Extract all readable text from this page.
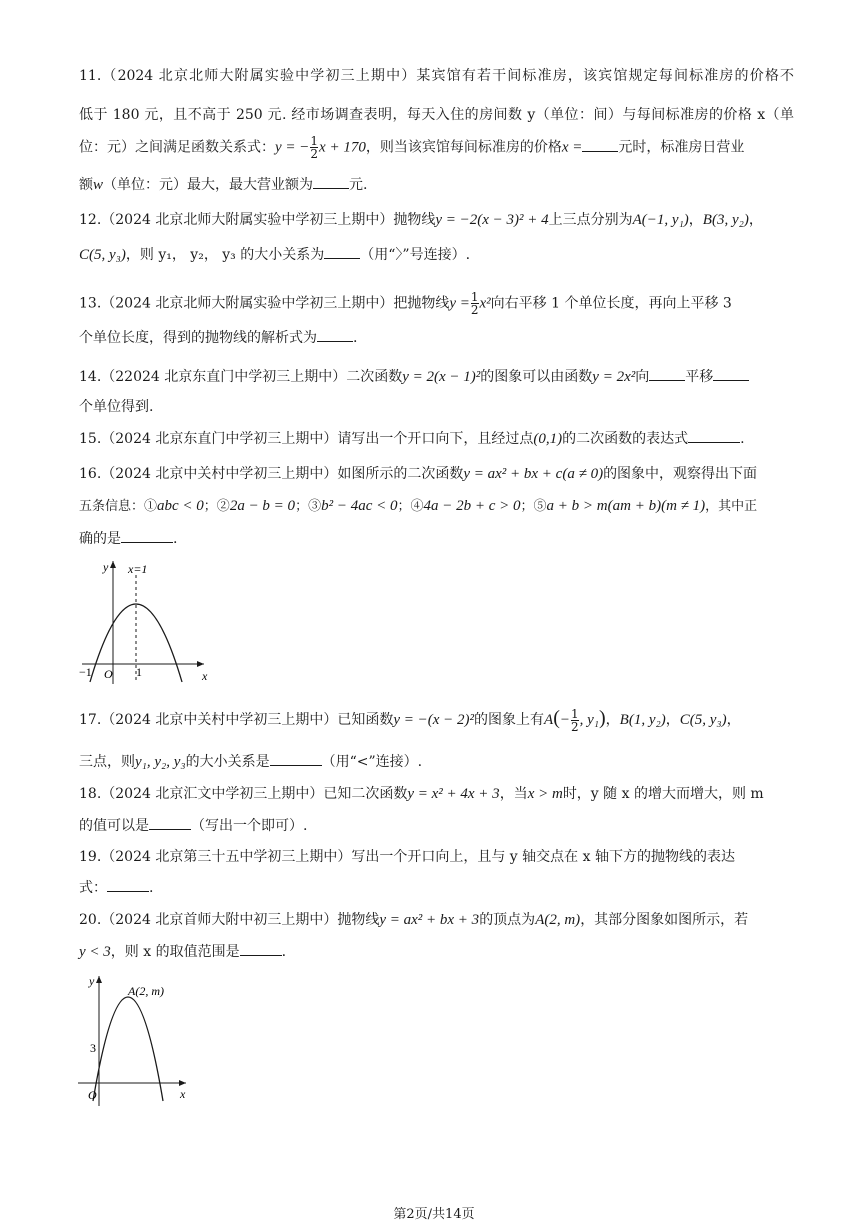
11.（2024 北京北师大附属实验中学初三上期中）某宾馆有若干间标准房，该宾馆规定每间标准房的价格不
低于 180 元，且不高于 250 元. 经市场调查表明，每天入住的房间数 y（单位：间）与每间标准房的价格 x（单
位：元）之间满足函数关系式：y = − $\frac{1}{2}$ x + 170，则当该宾馆每间标准房的价格x =	元时，标准房日营业
额w（单位：元）最大，最大营业额为	元.
12.（2024 北京北师大附属实验中学初三上期中）抛物线y = −2(x − 3)² + 4上三点分别为A(−1, y₁)，B(3, y₂)，
C(5, y₃)，则 y₁， y₂， y₃ 的大小关系为	（用“〉”号连接）.
13.（2024 北京北师大附属实验中学初三上期中）把抛物线$y = \frac{1}{2} x^2$向右平移 1 个单位长度，再向上平移 3
个单位长度，得到的抛物线的解析式为	.
14.（22024 北京东直门中学初三上期中）二次函数y = 2(x − 1)²的图象可以由函数y = 2x²向	平移
个单位得到.
15.（2024 北京东直门中学初三上期中）请写出一个开口向下，且经过点(0,1)的二次函数的表达式	.
16.（2024 北京中关村中学初三上期中）如图所示的二次函数y = ax² + bx + c(a ≠ 0)的图象中，观察得出下面
五条信息：①abc < 0；②2a − b = 0；③b² − 4ac < 0；④4a − 2b + c > 0；⑤a + b > m(am + b)(m ≠ 1)，其中正
确的是	.
y
x
O
−1	1
x=1
17.（2024 北京中关村中学初三上期中）已知函数y = −(x − 2)²的图象上有$A(- \frac{1}{2}$ , y₁)，B(1, y₂)，C(5, y₃)，
三点，则y₁, y₂, y₃的大小关系是	（用“<”连接）.
18.（2024 北京汇文中学初三上期中）已知二次函数y = x² + 4x + 3，当x > m时，y 随 x 的增大而增大，则 m
的值可以是	（写出一个即可）.
19.（2024 北京第三十五中学初三上期中）写出一个开口向上，且与 y 轴交点在 x 轴下方的抛物线的表达
式：	.
20.（2024 北京首师大附中初三上期中）抛物线y = ax² + bx + 3的顶点为A(2, m)，其部分图象如图所示，若
y < 3，则 x 的取值范围是	.
y
x
O
3
A(2, m)
第2页/共14页
